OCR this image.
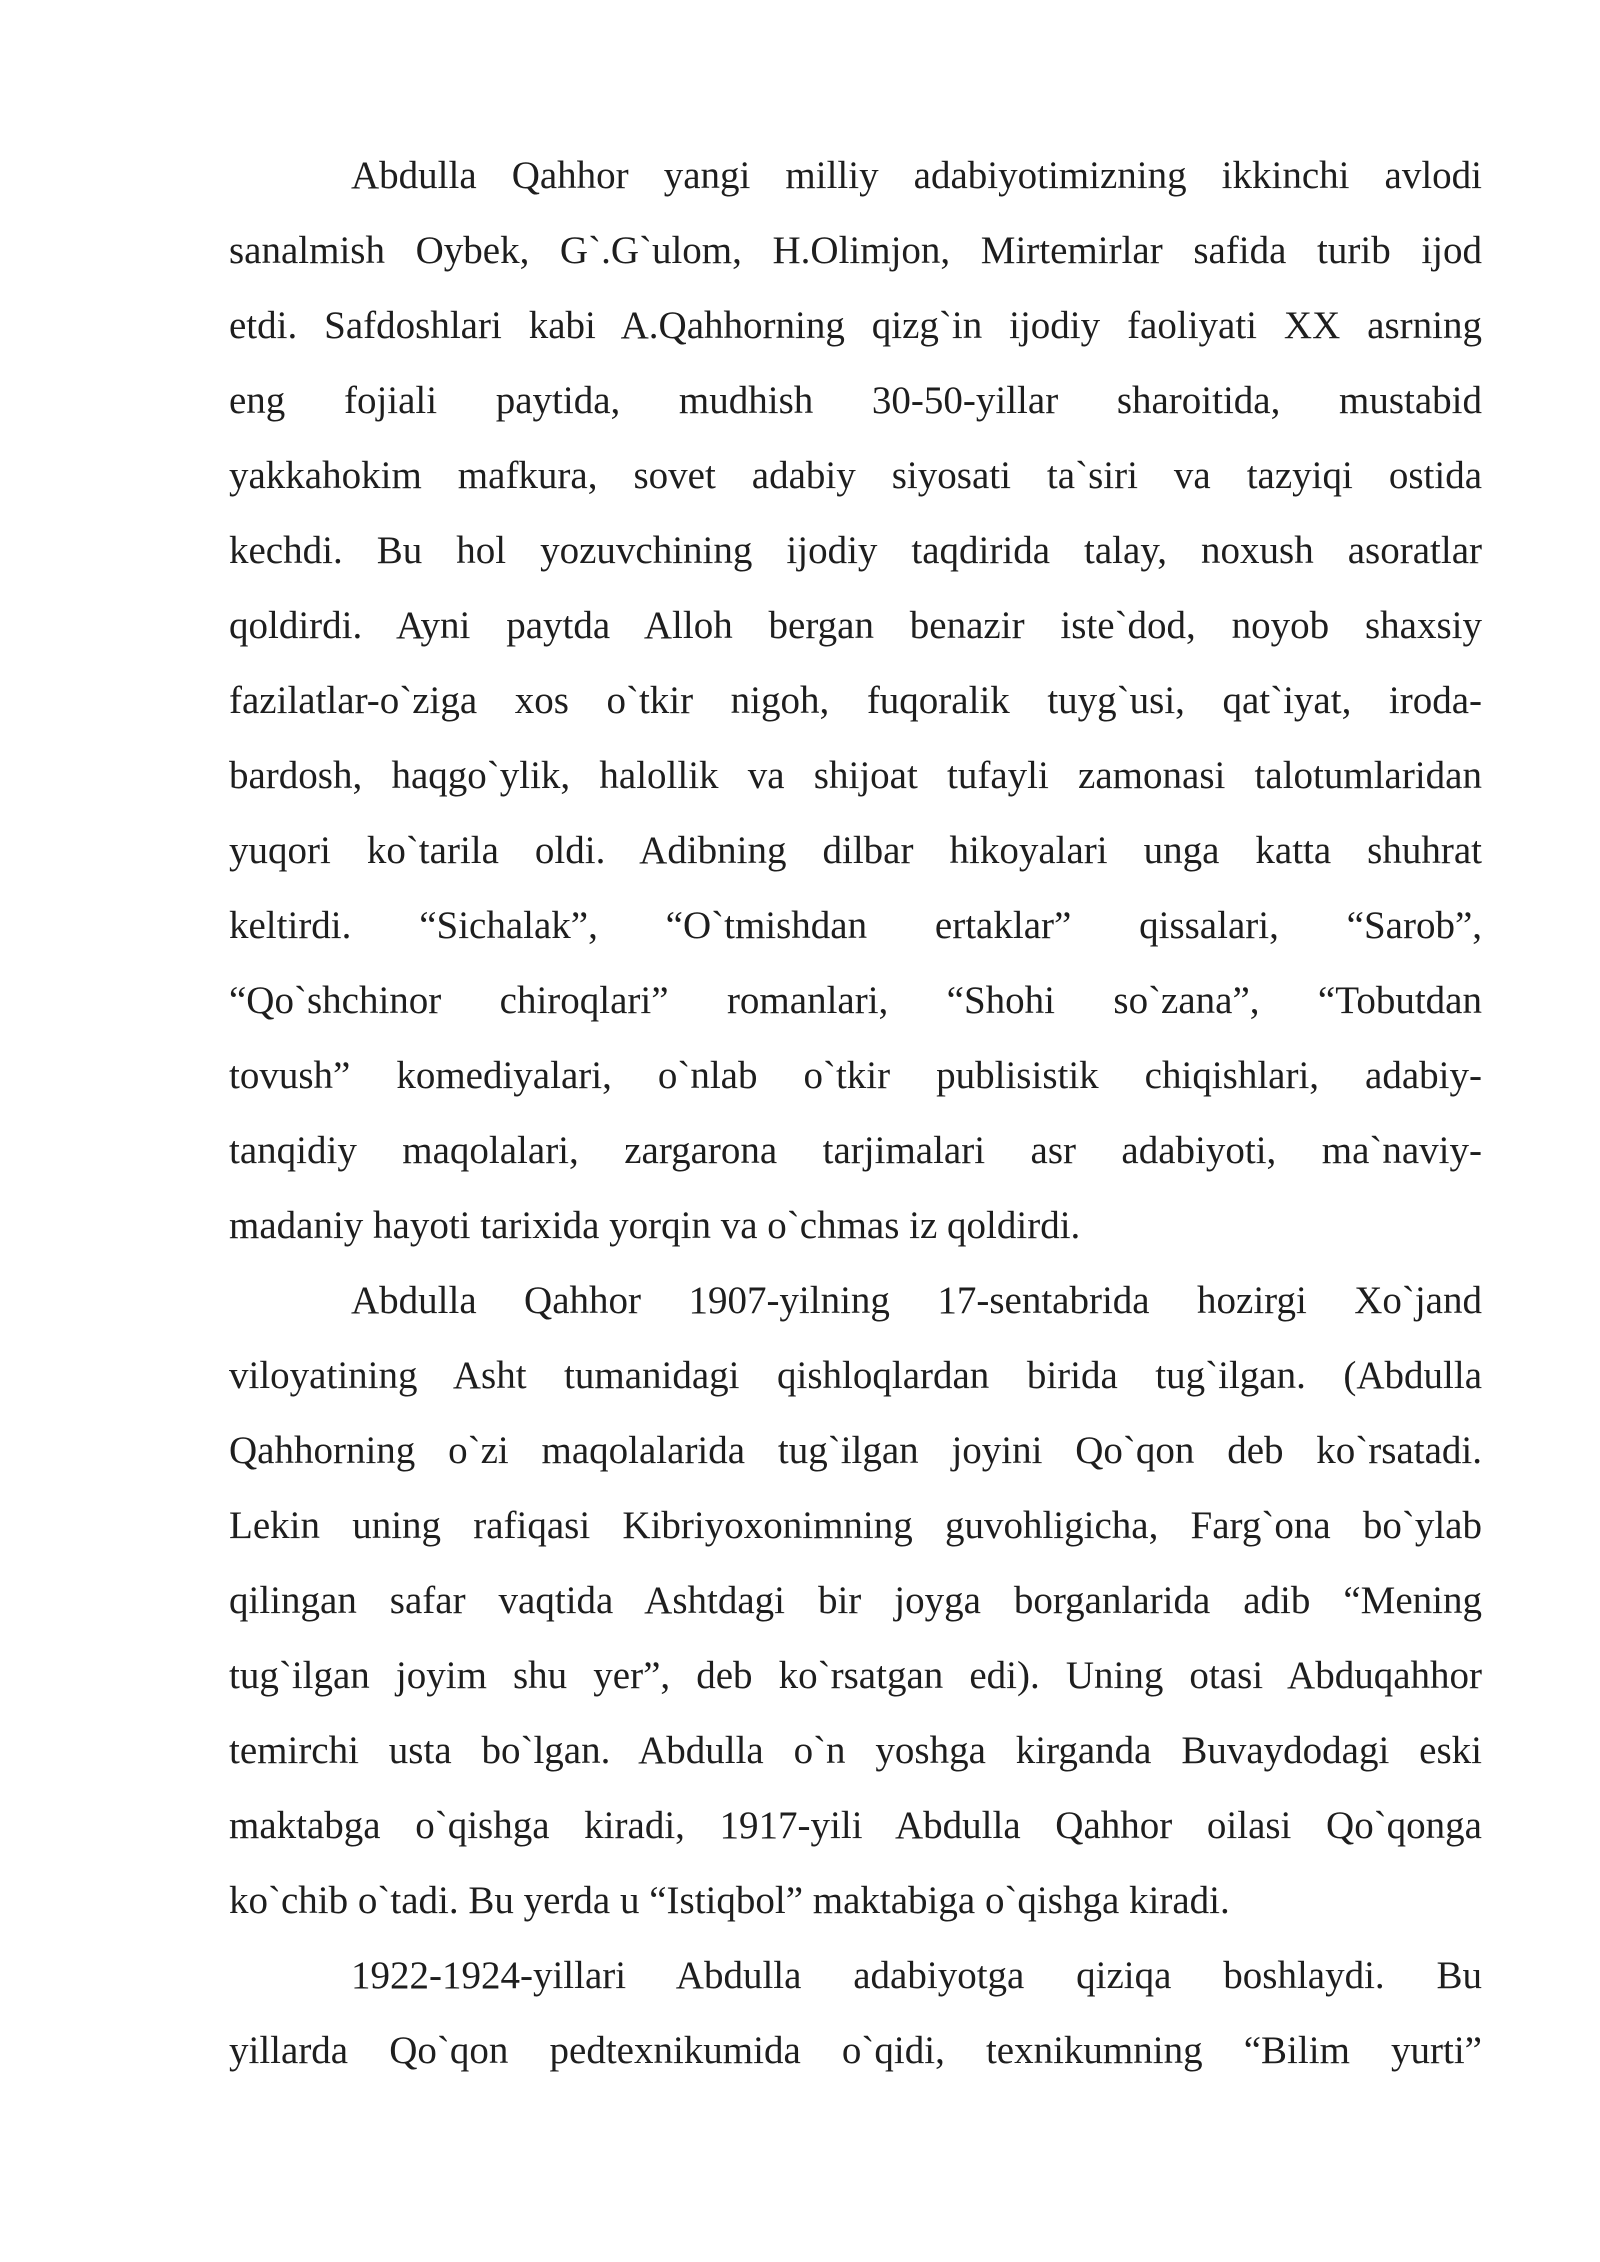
Abdulla Qahhor yangi milliy adabiyotimizning ikkinchi avlodi
sanalmish Oybek, G`.G`ulom, H.Olimjon, Mirtemirlar safida turib ijod
etdi. Safdoshlari kabi A.Qahhorning qizg`in ijodiy faoliyati XX asrning
eng fojiali paytida, mudhish 30-50-yillar sharoitida, mustabid
yakkahokim mafkura, sovet adabiy siyosati ta`siri va tazyiqi ostida
kechdi. Bu hol yozuvchining ijodiy taqdirida talay, noxush asoratlar
qoldirdi. Ayni paytda Alloh bergan benazir iste`dod, noyob shaxsiy
fazilatlar-o`ziga xos o`tkir nigoh, fuqoralik tuyg`usi, qat`iyat, iroda-
bardosh, haqgo`ylik, halollik va shijoat tufayli zamonasi talotumlaridan
yuqori ko`tarila oldi. Adibning dilbar hikoyalari unga katta shuhrat
keltirdi. “Sichalak”, “O`tmishdan ertaklar” qissalari, “Sarob”,
“Qo`shchinor chiroqlari” romanlari, “Shohi so`zana”, “Tobutdan
tovush” komediyalari, o`nlab o`tkir publisistik chiqishlari, adabiy-
tanqidiy maqolalari, zargarona tarjimalari asr adabiyoti, ma`naviy-
madaniy hayoti tarixida yorqin va o`chmas iz qoldirdi.
Abdulla Qahhor 1907-yilning 17-sentabrida hozirgi Xo`jand
viloyatining Asht tumanidagi qishloqlardan birida tug`ilgan. (Abdulla
Qahhorning o`zi maqolalarida tug`ilgan joyini Qo`qon deb ko`rsatadi.
Lekin uning rafiqasi Kibriyoxonimning guvohligicha, Farg`ona bo`ylab
qilingan safar vaqtida Ashtdagi bir joyga borganlarida adib “Mening
tug`ilgan joyim shu yer”, deb ko`rsatgan edi). Uning otasi Abduqahhor
temirchi usta bo`lgan. Abdulla o`n yoshga kirganda Buvaydodagi eski
maktabga o`qishga kiradi, 1917-yili Abdulla Qahhor oilasi Qo`qonga
ko`chib o`tadi. Bu yerda u “Istiqbol” maktabiga o`qishga kiradi.
1922-1924-yillari Abdulla adabiyotga qiziqa boshlaydi. Bu
yillarda Qo`qon pedtexnikumida o`qidi, texnikumning “Bilim yurti”
